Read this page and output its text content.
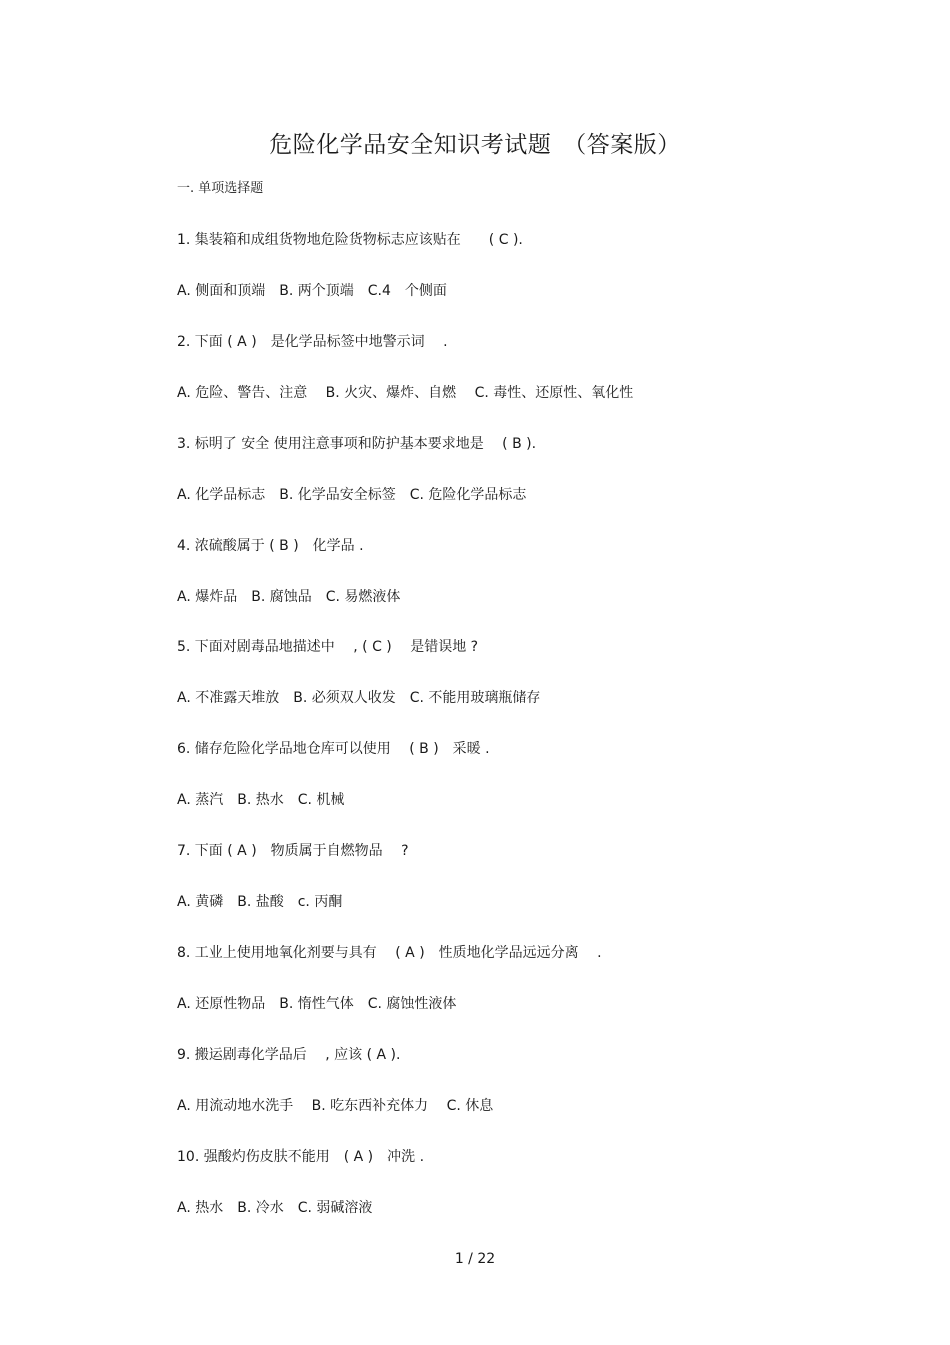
危险化学品安全知识考试题　（答案版）
一. 单项选择题
1. 集装箱和成组货物地危险货物标志应该贴在　　( C ).
A. 侧面和顶端　B. 两个顶端　C.4　个侧面
2. 下面 ( A )　是化学品标签中地警示词　 .
A. 危险、警告、注意　 B. 火灾、爆炸、自燃　 C. 毒性、还原性、氧化性
3. 标明了 安全 使用注意事项和防护基本要求地是　 ( B ).
A. 化学品标志　B. 化学品安全标签　C. 危险化学品标志
4. 浓硫酸属于 ( B )　化学品 .
A. 爆炸品　B. 腐蚀品　C. 易燃液体
5. 下面对剧毒品地描述中　 , ( C )　 是错误地 ?
A. 不准露天堆放　B. 必须双人收发　C. 不能用玻璃瓶储存
6. 储存危险化学品地仓库可以使用　 ( B )　采暖 .
A. 蒸汽　B. 热水　C. 机械
7. 下面 ( A )　物质属于自燃物品　 ?
A. 黄磷　B. 盐酸　c. 丙酮
8. 工业上使用地氧化剂要与具有　 ( A )　性质地化学品远远分离　 .
A. 还原性物品　B. 惰性气体　C. 腐蚀性液体
9. 搬运剧毒化学品后　 , 应该 ( A ).
A. 用流动地水洗手　 B. 吃东西补充体力　 C. 休息
10. 强酸灼伤皮肤不能用　( A )　冲洗 .
A. 热水　B. 冷水　C. 弱碱溶液
1 / 22
